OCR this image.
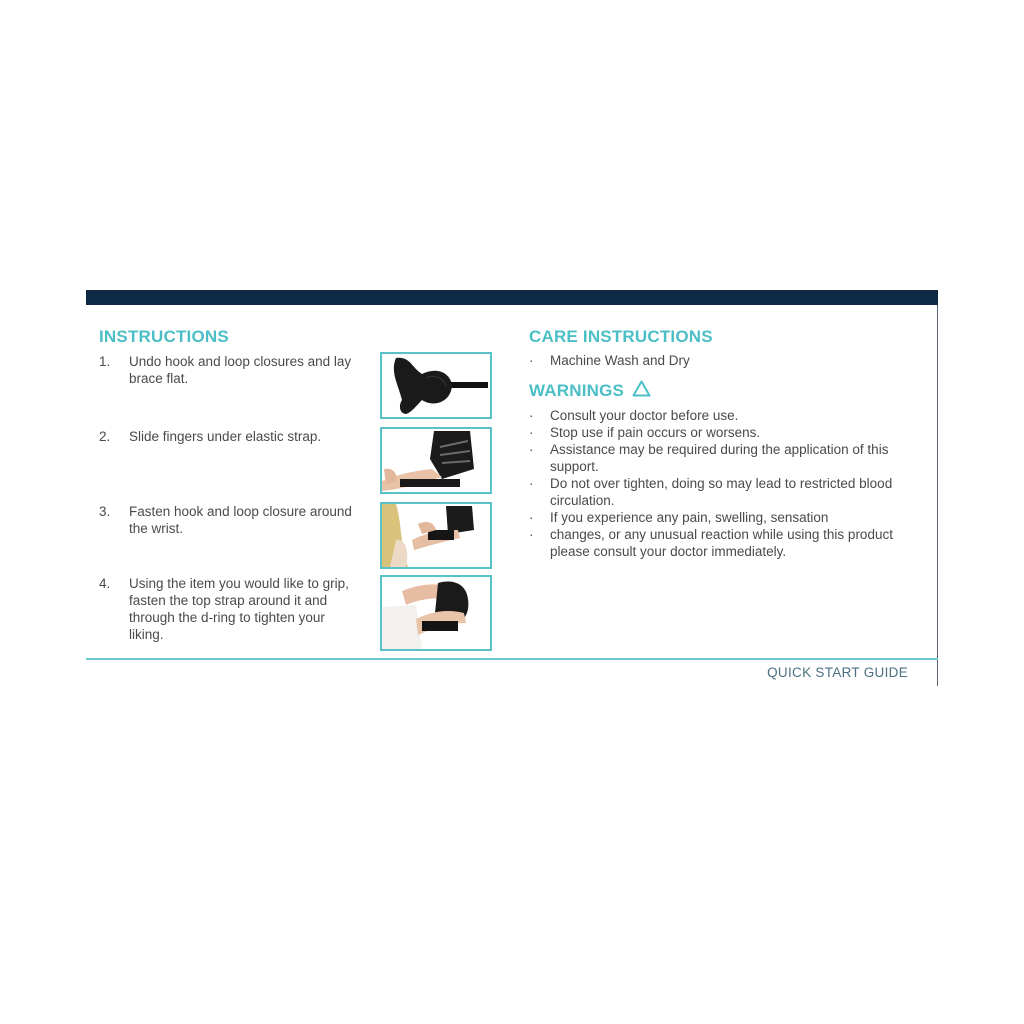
INSTRUCTIONS
1. Undo hook and loop closures and lay brace flat.
2. Slide fingers under elastic strap.
3. Fasten hook and loop closure around the wrist.
4. Using the item you would like to grip, fasten the top strap around it and through the d-ring to tighten your liking.
CARE INSTRUCTIONS
· Machine Wash and Dry
WARNINGS
· Consult your doctor before use.
· Stop use if pain occurs or worsens.
· Assistance may be required during the application of this support.
· Do not over tighten, doing so may lead to restricted blood circulation.
· If you experience any pain, swelling, sensation
· changes, or any unusual reaction while using this product please consult your doctor immediately.
QUICK START GUIDE
